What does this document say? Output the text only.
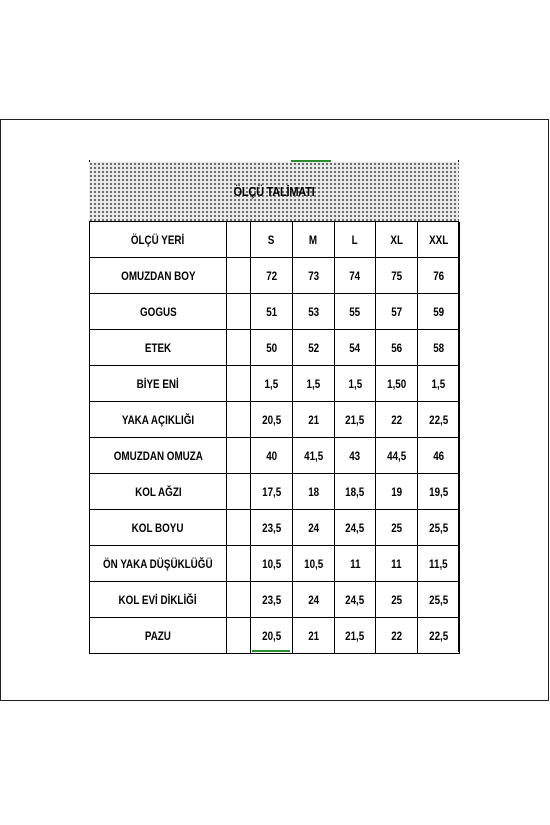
ÖLÇÜ TALİMATI
ÖLÇÜ YERİ		S	M	L	XL	XXL
OMUZDAN BOY		72	73	74	75	76
GOGUS		51	53	55	57	59
ETEK		50	52	54	56	58
BİYE ENİ		1,5	1,5	1,5	1,50	1,5
YAKA AÇIKLIĞI		20,5	21	21,5	22	22,5
OMUZDAN OMUZA		40	41,5	43	44,5	46
KOL AĞZI		17,5	18	18,5	19	19,5
KOL BOYU		23,5	24	24,5	25	25,5
ÖN YAKA DÜŞÜKLÜĞÜ		10,5	10,5	11	11	11,5
KOL EVİ DİKLİĞİ		23,5	24	24,5	25	25,5
PAZU		20,5	21	21,5	22	22,5
